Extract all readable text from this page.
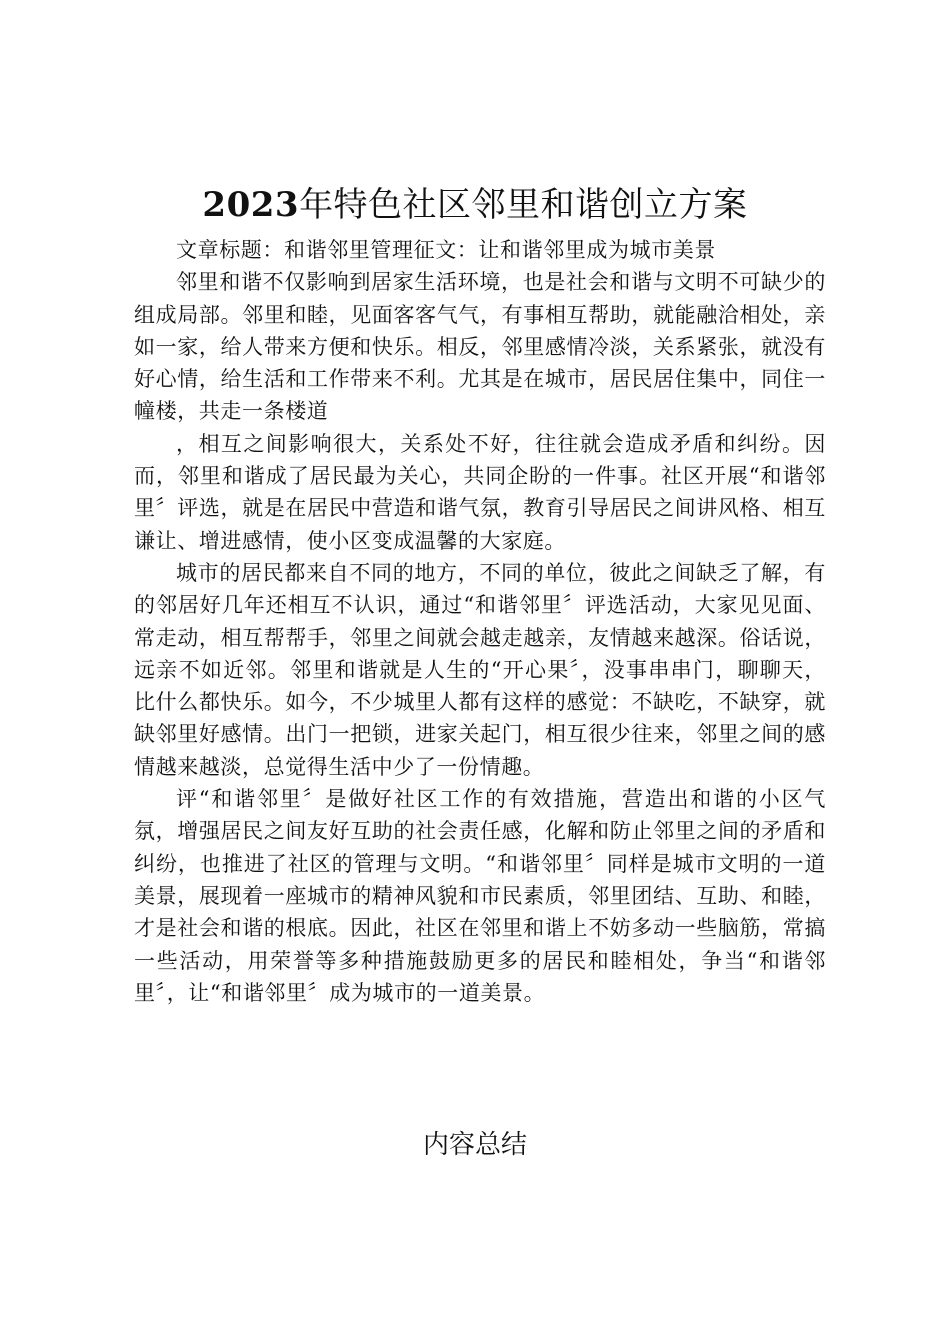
2023年特色社区邻里和谐创立方案

文章标题：和谐邻里管理征文：让和谐邻里成为城市美景

邻里和谐不仅影响到居家生活环境，也是社会和谐与文明不可缺少的组成局部。邻里和睦，见面客客气气，有事相互帮助，就能融洽相处，亲如一家，给人带来方便和快乐。相反，邻里感情冷淡，关系紧张，就没有好心情，给生活和工作带来不利。尤其是在城市，居民居住集中，同住一幢楼，共走一条楼道

，相互之间影响很大，关系处不好，往往就会造成矛盾和纠纷。因而，邻里和谐成了居民最为关心，共同企盼的一件事。社区开展“和谐邻里〞评选，就是在居民中营造和谐气氛，教育引导居民之间讲风格、相互谦让、增进感情，使小区变成温馨的大家庭。

城市的居民都来自不同的地方，不同的单位，彼此之间缺乏了解，有的邻居好几年还相互不认识，通过“和谐邻里〞评选活动，大家见见面、常走动，相互帮帮手，邻里之间就会越走越亲，友情越来越深。俗话说，远亲不如近邻。邻里和谐就是人生的“开心果〞，没事串串门，聊聊天，比什么都快乐。如今，不少城里人都有这样的感觉：不缺吃，不缺穿，就缺邻里好感情。出门一把锁，进家关起门，相互很少往来，邻里之间的感情越来越淡，总觉得生活中少了一份情趣。

评“和谐邻里〞是做好社区工作的有效措施，营造出和谐的小区气氛，增强居民之间友好互助的社会责任感，化解和防止邻里之间的矛盾和纠纷，也推进了社区的管理与文明。“和谐邻里〞同样是城市文明的一道美景，展现着一座城市的精神风貌和市民素质，邻里团结、互助、和睦，才是社会和谐的根底。因此，社区在邻里和谐上不妨多动一些脑筋，常搞一些活动，用荣誉等多种措施鼓励更多的居民和睦相处，争当“和谐邻里〞，让“和谐邻里〞成为城市的一道美景。

内容总结
